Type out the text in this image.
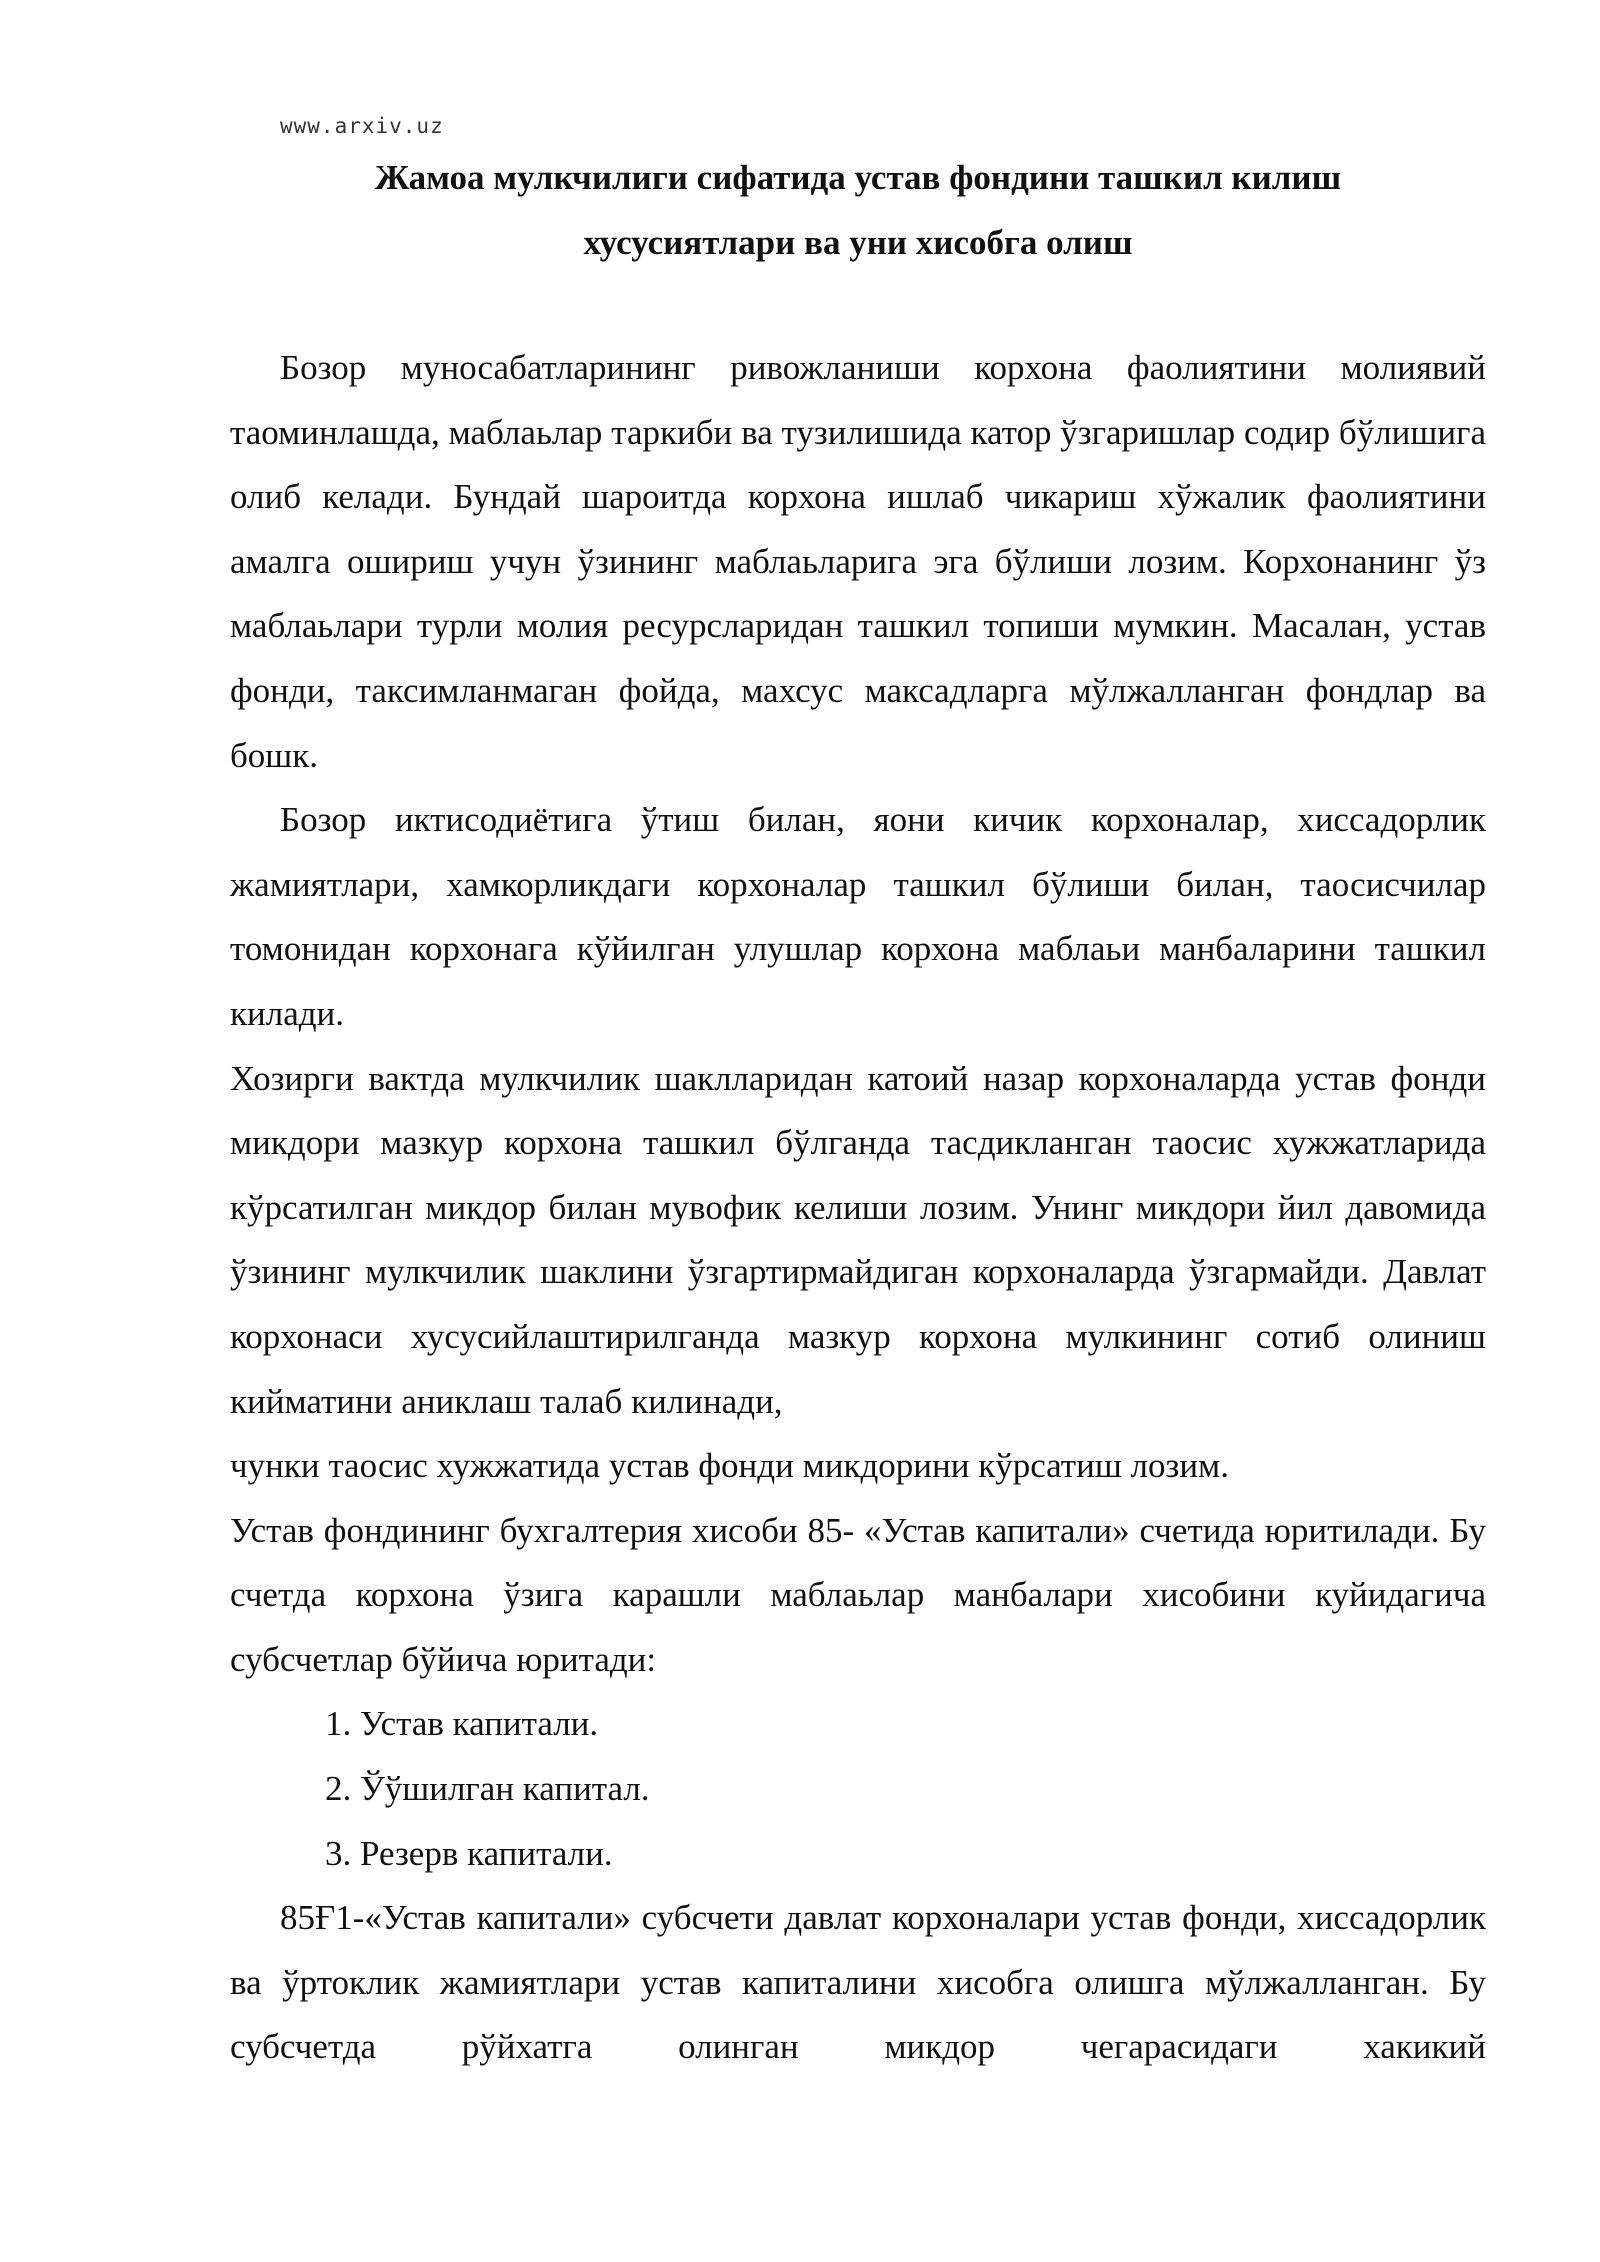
www.arxiv.uz
Жамоа мулкчилиги сифатида устав фондини ташкил килиш
хусусиятлари ва уни хисобга олиш

Бозор муносабатларининг ривожланиши корхона фаолиятини молиявий таоминлашда, маблаьлар таркиби ва тузилишида катор ўзгаришлар содир бўлишига олиб келади. Бундай шароитда корхона ишлаб чикариш хўжалик фаолиятини амалга ошириш учун ўзининг маблаьларига эга бўлиши лозим. Корхонанинг ўз маблаьлари турли молия ресурсларидан ташкил топиши мумкин. Масалан, устав фонди, таксимланмаган фойда, махсус максадларга мўлжалланган фондлар ва бошк.

Бозор иктисодиётига ўтиш билан, яони кичик корхоналар, хиссадорлик жамиятлари, хамкорликдаги корхоналар ташкил бўлиши билан, таосисчилар томонидан корхонага кўйилган улушлар корхона маблаьи манбаларини ташкил килади.

Хозирги вактда мулкчилик шаклларидан катоий назар корхоналарда устав фонди микдори мазкур корхона ташкил бўлганда тасдикланган таосис хужжатларида кўрсатилган микдор билан мувофик келиши лозим. Унинг микдори йил давомида ўзининг мулкчилик шаклини ўзгартирмайдиган корхоналарда ўзгармайди. Давлат корхонаси хусусийлаштирилганда мазкур корхона мулкининг сотиб олиниш кийматини аниклаш талаб килинади,

чунки таосис хужжатида устав фонди микдорини кўрсатиш лозим.

Устав фондининг бухгалтерия хисоби 85- «Устав капитали» счетида юритилади. Бу счетда корхона ўзига карашли маблаьлар манбалари хисобини куйидагича субсчетлар бўйича юритади:

1. Устав капитали.

2. Ўўшилган капитал.

3. Резерв капитали.

85Ғ1-«Устав капитали» субсчети давлат корхоналари устав фонди, хиссадорлик ва ўртоклик жамиятлари устав капиталини хисобга олишга мўлжалланган. Бу субсчетда рўйхатга олинган микдор чегарасидаги хакикий
